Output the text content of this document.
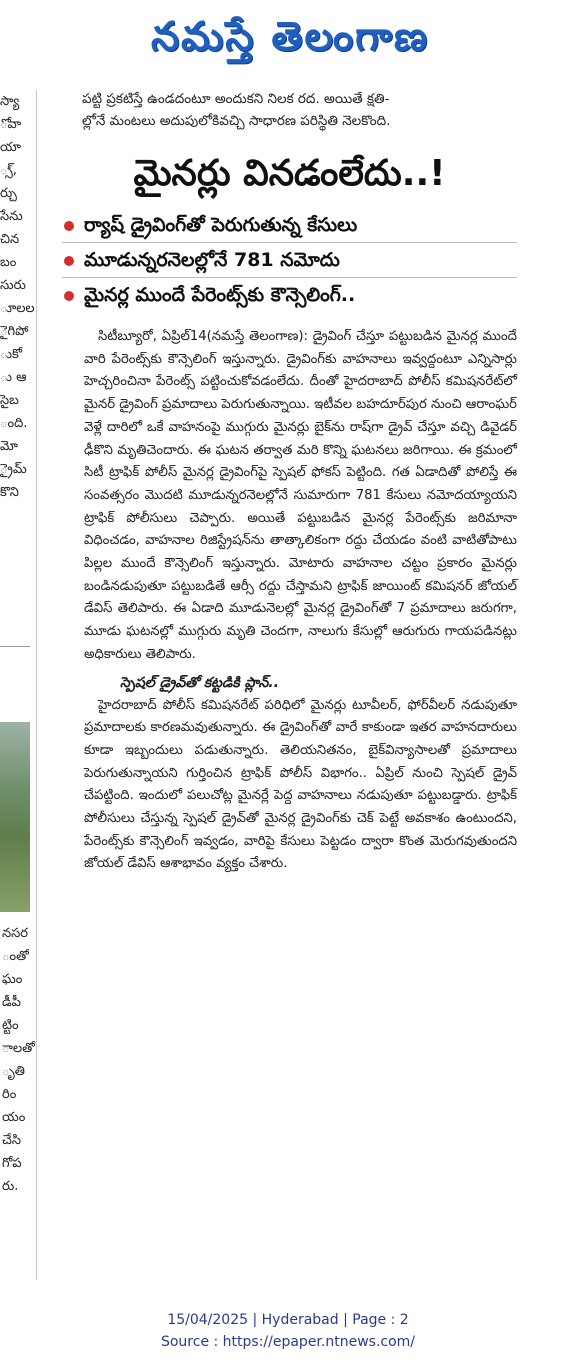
నమస్తే తెలంగాణ
స్యా
ోవా
యా
్స్,
ర్చు
సేను
చిన
బం
సురు
ూలల
ైగిపో
ుకో
ు ఆ
సైబ
ంది.
మో
్రైమ్
కొని
నసర
ంతో
ఘం
డీపీ
ట్టిం
ాలతో
ృతి
రిం
యం
చేసి
గోప
రు.
పట్టి ప్రకటిస్తే ఉండదంటూ అందుకని నిలక రద. అయితే క్షతి-
ల్లోనే మంటలు అదుపులోకివచ్చి సాధారణ పరిస్థితి నెలకొంది.
మైనర్లు వినడంలేదు..!
ర్యాష్ డ్రైవింగ్‌తో పెరుగుతున్న కేసులు
మూడున్నరనెలల్లోనే 781 నమోదు
మైనర్ల ముందే పేరెంట్స్‌కు కౌన్సెలింగ్..

సిటీబ్యూరో, ఏప్రిల్14(నమస్తే తెలంగాణ): డ్రైవింగ్ చేస్తూ పట్టుబడిన మైనర్ల ముందే వారి పేరెంట్స్‌కు కౌన్సెలింగ్ ఇస్తున్నారు. డ్రైవింగ్‌కు వాహనాలు ఇవ్వద్దంటూ ఎన్నిసార్లు హెచ్చరించినా పేరెంట్స్ పట్టించుకోవడంలేదు. దీంతో హైదరాబాద్ పోలీస్ కమిషనరేట్‌లో మైనర్ డ్రైవింగ్ ప్రమాదాలు పెరుగుతున్నాయి. ఇటీవల బహదూర్‌పుర నుంచి ఆరాంఘర్ వెళ్లే దారిలో ఒకే వాహనంపై ముగ్గురు మైనర్లు బైక్‌ను రాష్‌గా డ్రైవ్ చేస్తూ వచ్చి డివైడర్ ఢీకొని మృతిచెందారు. ఈ ఘటన తర్వాత మరి కొన్ని ఘటనలు జరిగాయి. ఈ క్రమంలో సిటీ ట్రాఫిక్ పోలీస్ మైనర్ల డ్రైవింగ్‌పై స్పెషల్ ఫోకస్ పెట్టింది. గత ఏడాదితో పోలిస్తే ఈ సంవత్సరం మొదటి మూడున్నరనెలల్లోనే సుమారుగా 781 కేసులు నమోదయ్యాయని ట్రాఫిక్ పోలీసులు చెప్పారు. అయితే పట్టుబడిన మైనర్ల పేరెంట్స్‌కు జరిమానా విధించడం, వాహనాల రిజిస్ట్రేషన్‌ను తాత్కాలికంగా రద్దు చేయడం వంటి వాటితోపాటు పిల్లల ముందే కౌన్సెలింగ్ ఇస్తున్నారు. మోటారు వాహనాల చట్టం ప్రకారం మైనర్లు బండినడుపుతూ పట్టుబడితే ఆర్సీ రద్దు చేస్తామని ట్రాఫిక్ జాయింట్ కమిషనర్ జోయల్ డేవిస్ తెలిపారు. ఈ ఏడాది మూడునెలల్లో మైనర్ల డ్రైవింగ్‌తో 7 ప్రమాదాలు జరుగగా, మూడు ఘటనల్లో ముగ్గురు మృతి చెందగా, నాలుగు కేసుల్లో ఆరుగురు గాయపడినట్లు అధికారులు తెలిపారు.

స్పెషల్ డ్రైవ్‌తో కట్టడికి ప్లాన్..

హైదరాబాద్ పోలీస్ కమిషనరేట్ పరిధిలో మైనర్లు టూవీలర్, ఫోర్‌వీలర్ నడుపుతూ ప్రమాదాలకు కారణమవుతున్నారు. ఈ డ్రైవింగ్‌తో వారే కాకుండా ఇతర వాహనదారులు కూడా ఇబ్బందులు పడుతున్నారు. తెలియనితనం, బైక్‌విన్యాసాలతో ప్రమాదాలు పెరుగుతున్నాయని గుర్తించిన ట్రాఫిక్ పోలీస్ విభాగం.. ఏప్రిల్ నుంచి స్పెషల్ డ్రైవ్ చేపట్టింది. ఇందులో పలుచోట్ల మైనర్లే పెద్ద వాహనాలు నడుపుతూ పట్టుబడ్డారు. ట్రాఫిక్ పోలీసులు చేస్తున్న స్పెషల్ డ్రైవ్‌తో మైనర్ల డ్రైవింగ్‌కు చెక్ పెట్టే అవకాశం ఉంటుందని, పేరెంట్స్‌కు కౌన్సెలింగ్ ఇవ్వడం, వారిపై కేసులు పెట్టడం ద్వారా కొంత మెరుగవుతుందని జోయల్ డేవిస్ ఆశాభావం వ్యక్తం చేశారు.

15/04/2025 | Hyderabad | Page : 2
Source : https://epaper.ntnews.com/
